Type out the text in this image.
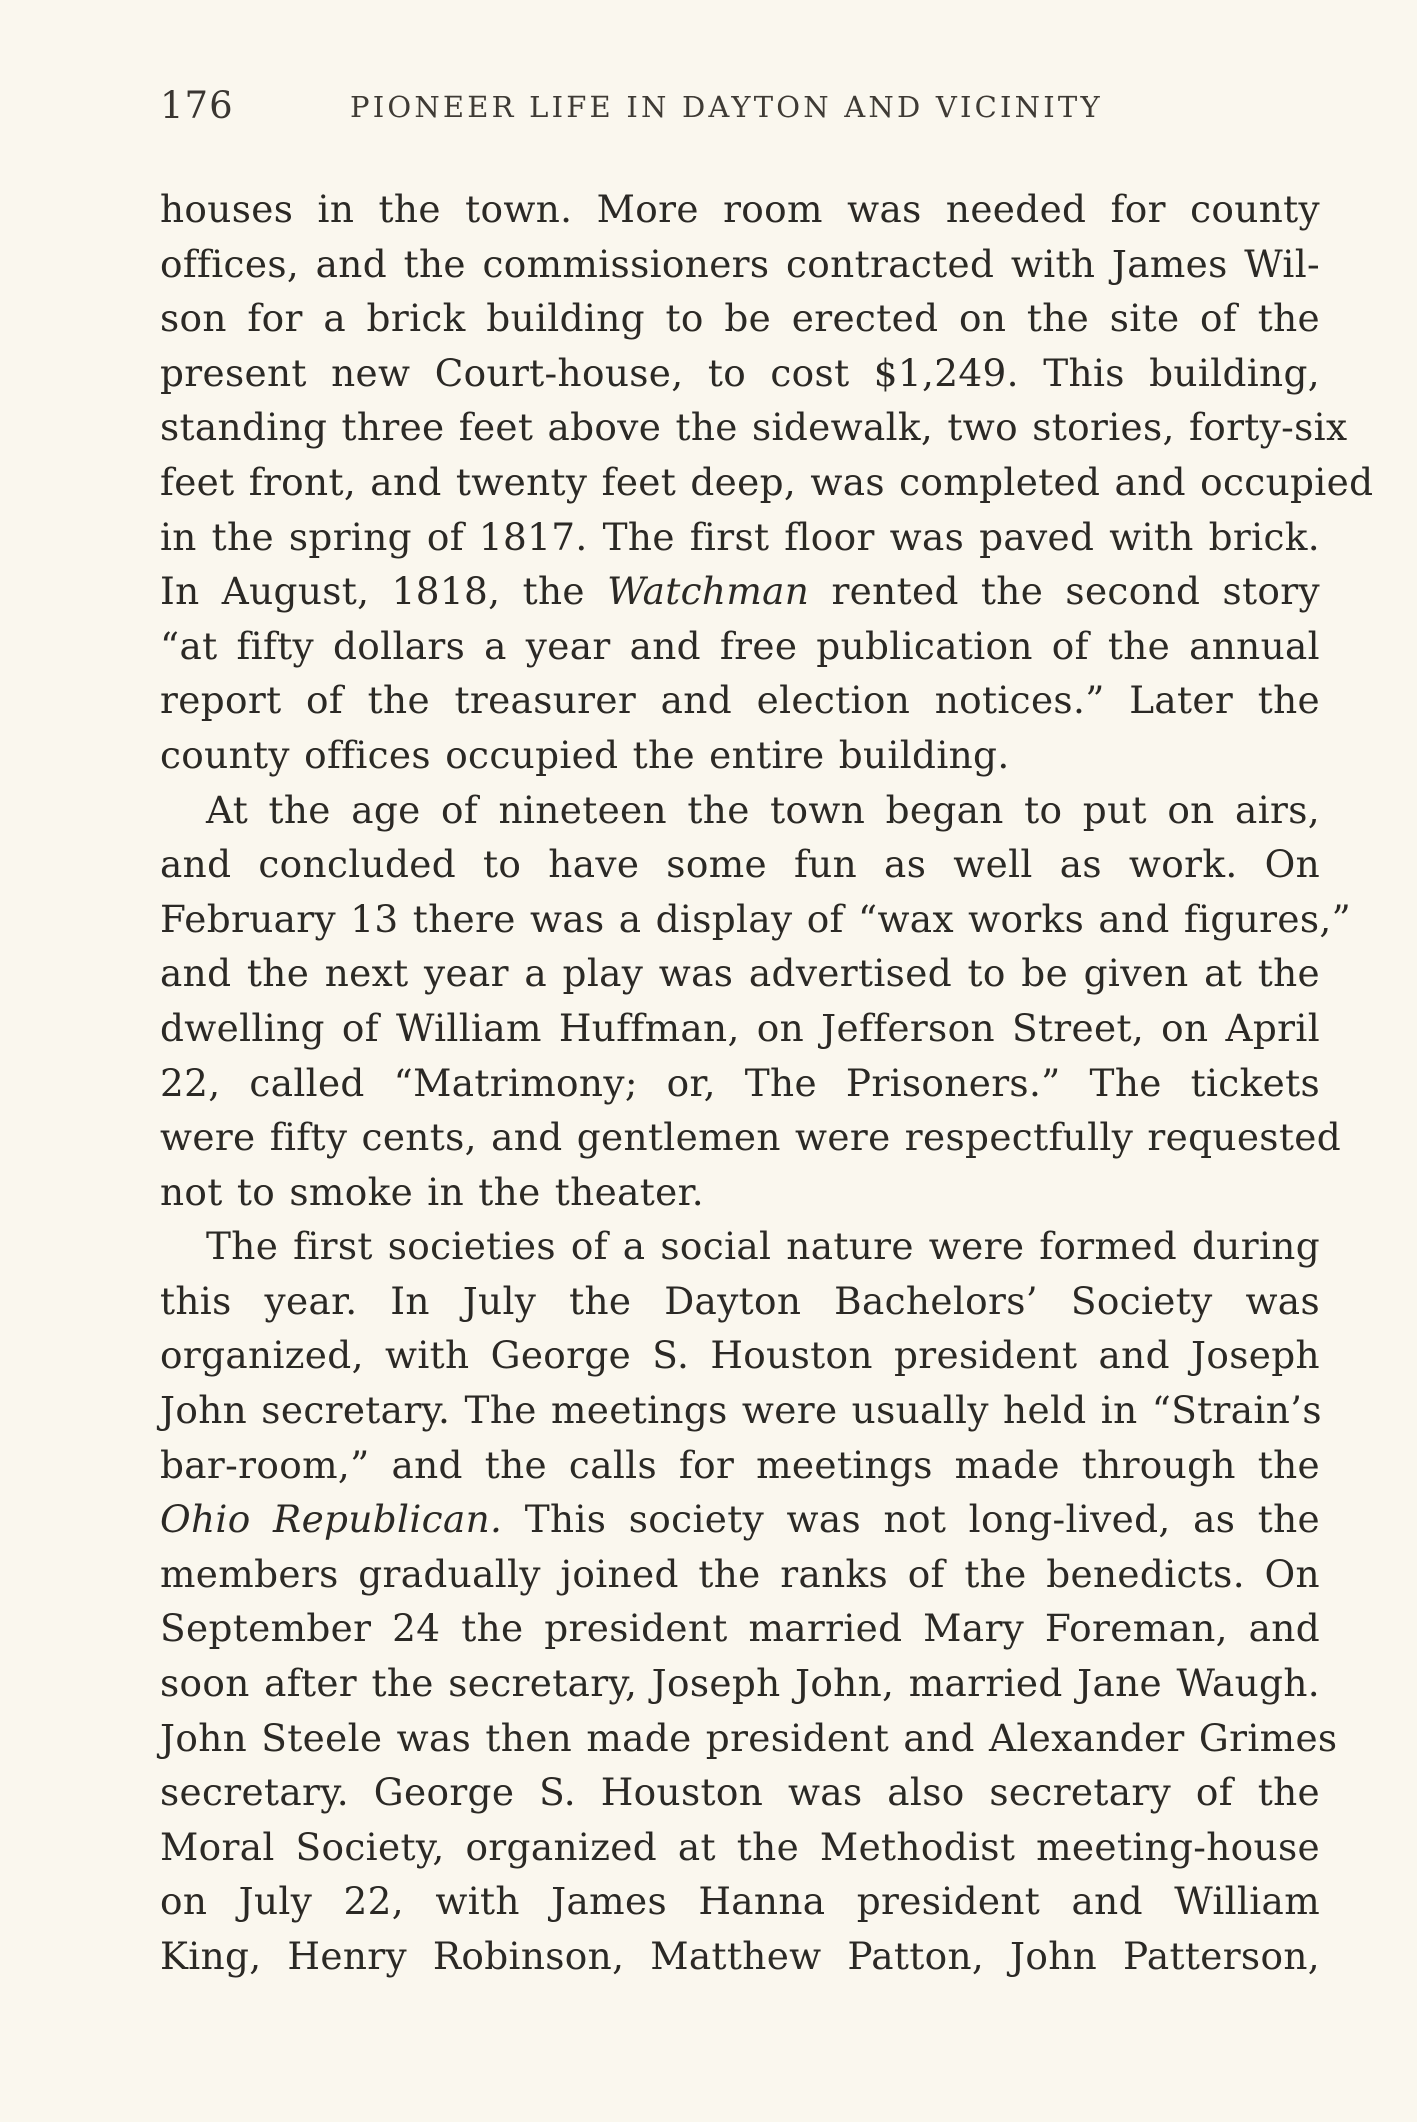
176	PIONEER LIFE IN DAYTON AND VICINITY

houses in the town. More room was needed for county

offices, and the commissioners contracted with James Wil-

son for a brick building to be erected on the site of the

present new Court-house, to cost $1,249. This building,

standing three feet above the sidewalk, two stories, forty-six

feet front, and twenty feet deep, was completed and occupied

in the spring of 1817. The first floor was paved with brick.

In August, 1818, the Watchman rented the second story

“at fifty dollars a year and free publication of the annual

report of the treasurer and election notices.” Later the

county offices occupied the entire building.

At the age of nineteen the town began to put on airs,

and concluded to have some fun as well as work. On

February 13 there was a display of “wax works and figures,”

and the next year a play was advertised to be given at the

dwelling of William Huffman, on Jefferson Street, on April

22, called “Matrimony; or, The Prisoners.” The tickets

were fifty cents, and gentlemen were respectfully requested

not to smoke in the theater.

The first societies of a social nature were formed during

this year. In July the Dayton Bachelors’ Society was

organized, with George S. Houston president and Joseph

John secretary. The meetings were usually held in “Strain’s

bar-room,” and the calls for meetings made through the

Ohio Republican. This society was not long-lived, as the

members gradually joined the ranks of the benedicts. On

September 24 the president married Mary Foreman, and

soon after the secretary, Joseph John, married Jane Waugh.

John Steele was then made president and Alexander Grimes

secretary. George S. Houston was also secretary of the

Moral Society, organized at the Methodist meeting-house

on July 22, with James Hanna president and William

King, Henry Robinson, Matthew Patton, John Patterson,
